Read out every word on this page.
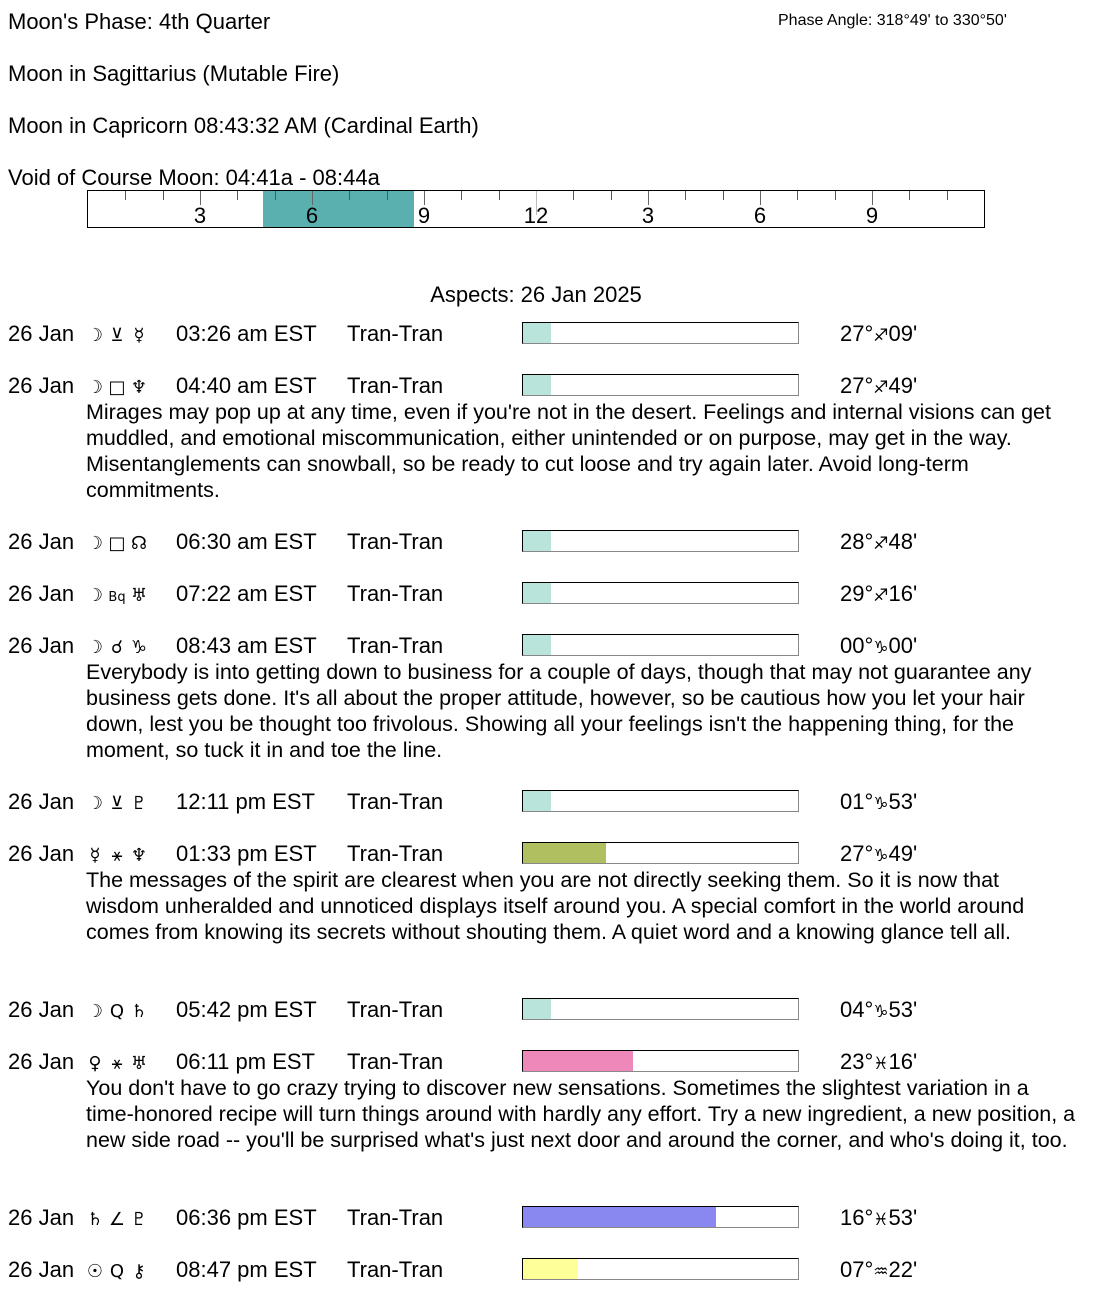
Moon's Phase: 4th Quarter	Phase Angle: 318°49' to 330°50'
Moon in Sagittarius (Mutable Fire)
Moon in Capricorn 08:43:32 AM (Cardinal Earth)
Void of Course Moon: 04:41a - 08:44a
3	6	9	12	3	6	9
Aspects: 26 Jan 2025
26 Jan ☽ ⊻ ☿ 03:26 am EST Tran-Tran	27°♐09'
26 Jan ☽ □ ♆ 04:40 am EST Tran-Tran	27°♐49'
Mirages may pop up at any time, even if you're not in the desert. Feelings and internal visions can get muddled, and emotional miscommunication, either unintended or on purpose, may get in the way. Misentanglements can snowball, so be ready to cut loose and try again later. Avoid long-term commitments.
26 Jan ☽ □ ☊ 06:30 am EST Tran-Tran	28°♐48'
26 Jan ☽ Bq ♅ 07:22 am EST Tran-Tran	29°♐16'
26 Jan ☽ ☌ ♑ 08:43 am EST Tran-Tran	00°♑00'
Everybody is into getting down to business for a couple of days, though that may not guarantee any business gets done. It's all about the proper attitude, however, so be cautious how you let your hair down, lest you be thought too frivolous. Showing all your feelings isn't the happening thing, for the moment, so tuck it in and toe the line.
26 Jan ☽ ⊻ ♇ 12:11 pm EST Tran-Tran	01°♑53'
26 Jan ☿ ⚹ ♆ 01:33 pm EST Tran-Tran	27°♑49'
The messages of the spirit are clearest when you are not directly seeking them. So it is now that wisdom unheralded and unnoticed displays itself around you. A special comfort in the world around comes from knowing its secrets without shouting them. A quiet word and a knowing glance tell all.
26 Jan ☽ Q ♄ 05:42 pm EST Tran-Tran	04°♑53'
26 Jan ♀ ⚹ ♅ 06:11 pm EST Tran-Tran	23°♓16'
You don't have to go crazy trying to discover new sensations. Sometimes the slightest variation in a time-honored recipe will turn things around with hardly any effort. Try a new ingredient, a new position, a new side road -- you'll be surprised what's just next door and around the corner, and who's doing it, too.
26 Jan ♄ ∠ ♇ 06:36 pm EST Tran-Tran	16°♓53'
26 Jan ☉ Q ⚷ 08:47 pm EST Tran-Tran	07°♒22'
